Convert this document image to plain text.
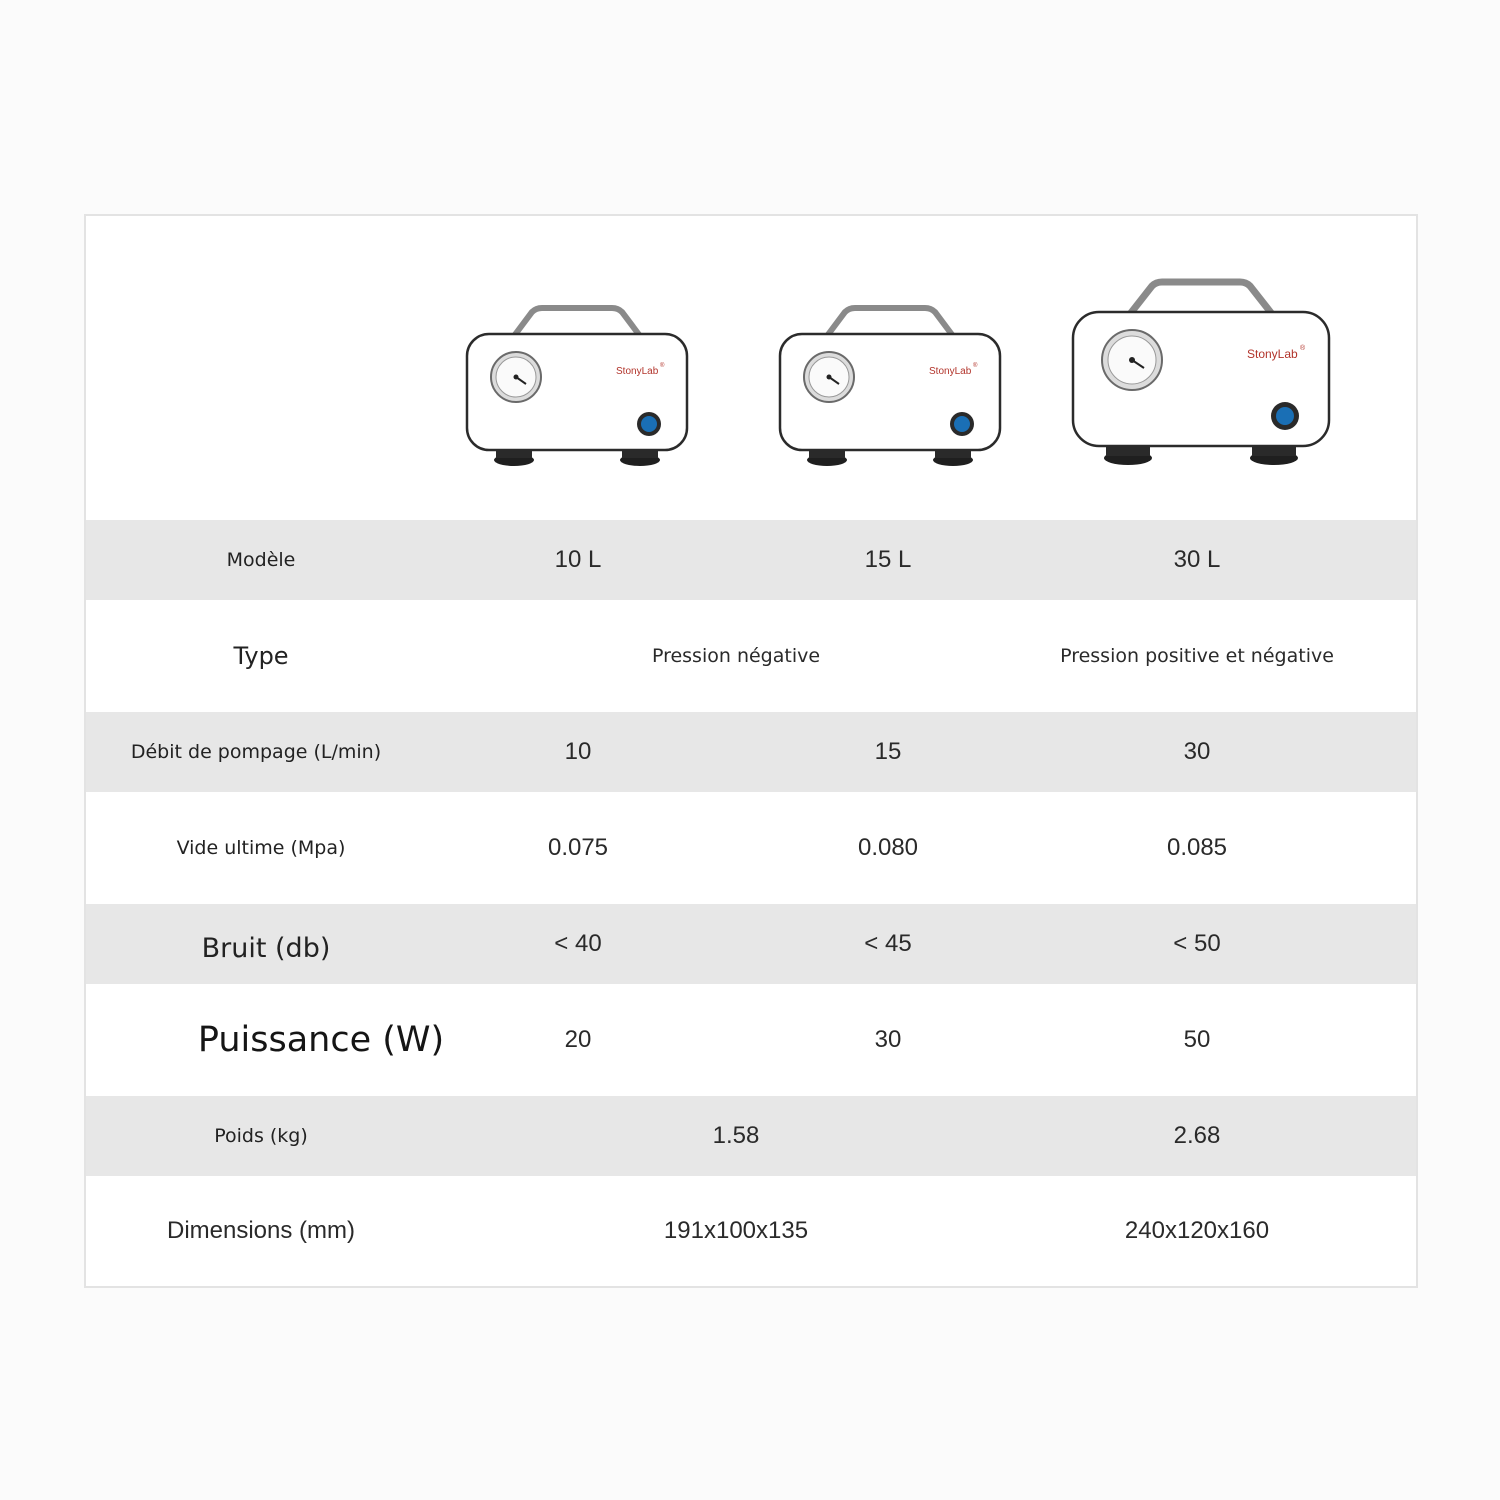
StonyLab ®	StonyLab ®
StonyLab ®
Modèle	10 L	15 L	30 L
Type	Pression négative	Pression positive et négative
Débit de pompage (L/min)	10	15	30
Vide ultime (Mpa)	0.075	0.080	0.085
Bruit (db)	< 40	< 45	< 50
Puissance (W)	20	30	50
Poids (kg)	1.58	2.68
Dimensions (mm)	191x100x135	240x120x160
